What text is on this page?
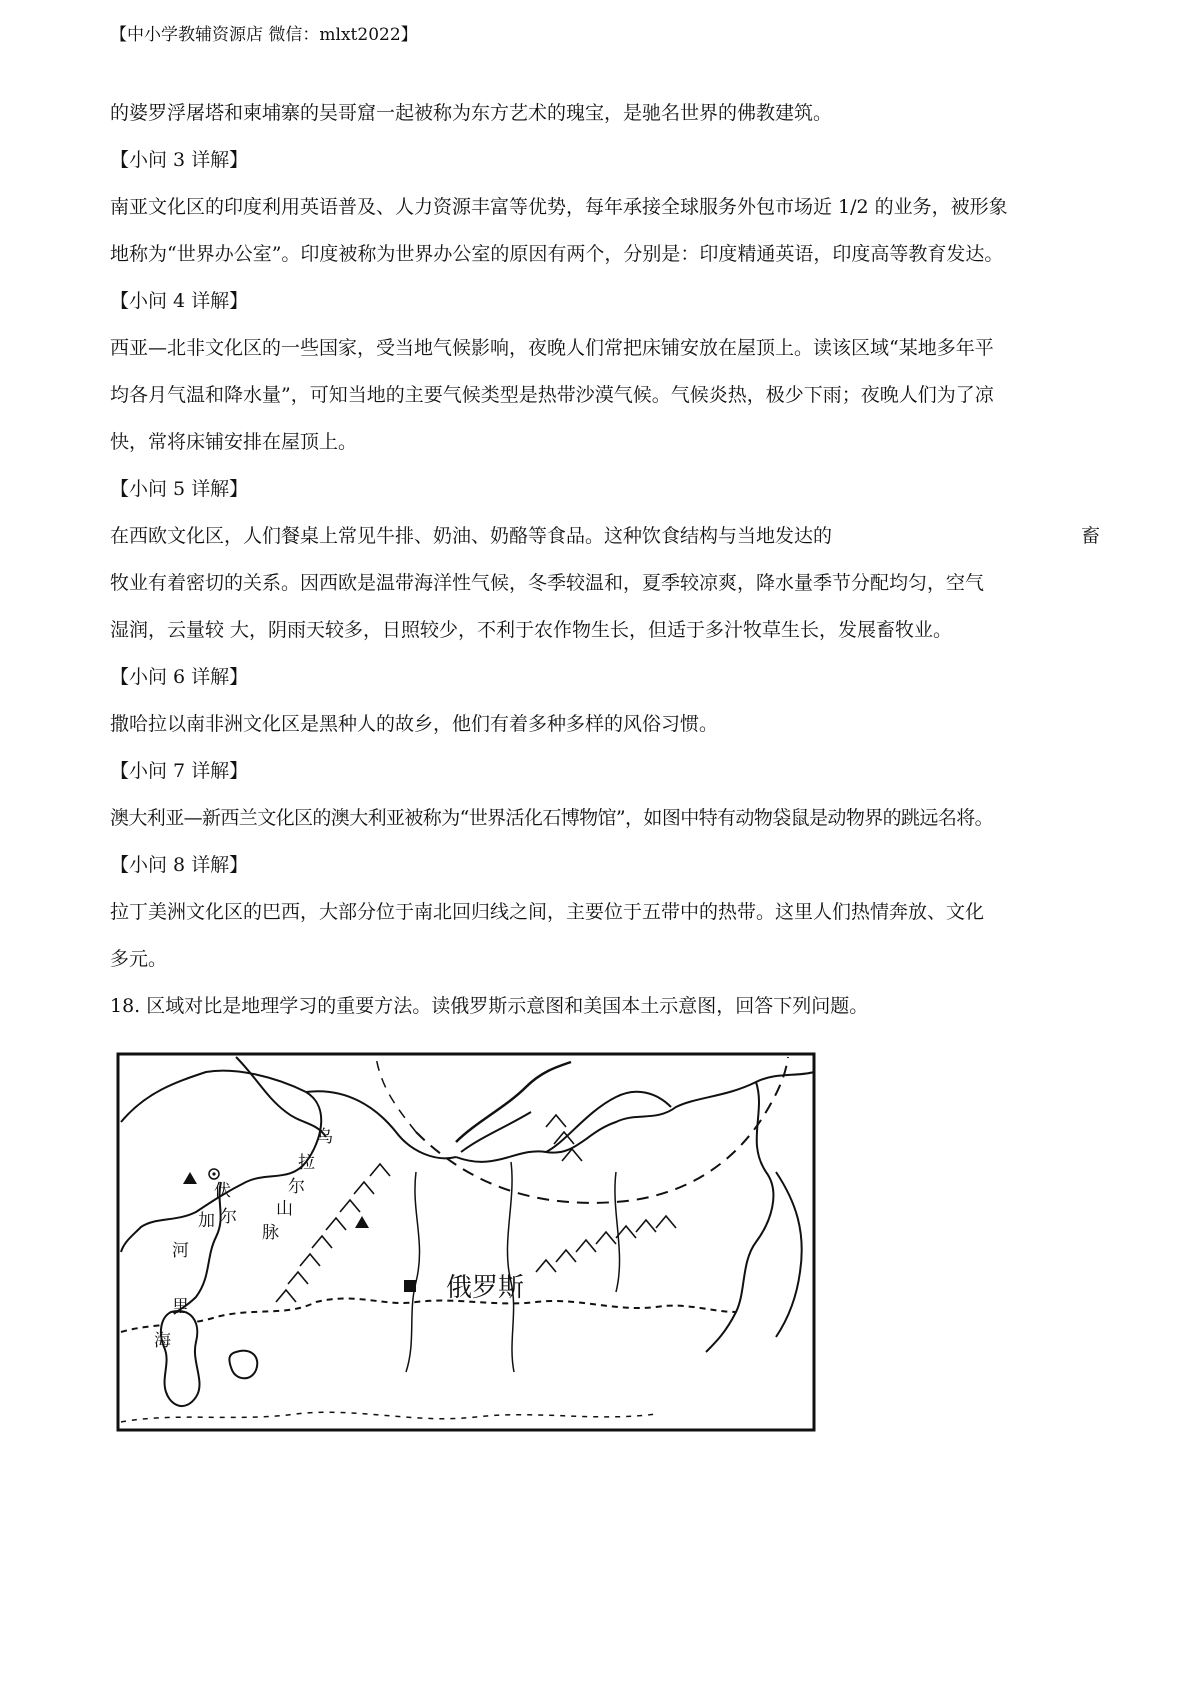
【中小学教辅资源店 微信：mlxt2022】
的婆罗浮屠塔和柬埔寨的吴哥窟一起被称为东方艺术的瑰宝，是驰名世界的佛教建筑。
【小问 3 详解】
南亚文化区的印度利用英语普及、人力资源丰富等优势，每年承接全球服务外包市场近 1/2 的业务，被形象
地称为“世界办公室”。印度被称为世界办公室的原因有两个，分别是：印度精通英语，印度高等教育发达。
【小问 4 详解】
西亚—北非文化区的一些国家，受当地气候影响，夜晚人们常把床铺安放在屋顶上。读该区域“某地多年平
均各月气温和降水量”，可知当地的主要气候类型是热带沙漠气候。气候炎热，极少下雨；夜晚人们为了凉
快，常将床铺安排在屋顶上。
【小问 5 详解】
在西欧文化区，人们餐桌上常见牛排、奶油、奶酪等食品。这种饮食结构与当地发达的	畜
牧业有着密切的关系。因西欧是温带海洋性气候，冬季较温和，夏季较凉爽，降水量季节分配均匀，空气
湿润，云量较 大，阴雨天较多，日照较少，不利于农作物生长，但适于多汁牧草生长，发展畜牧业。
【小问 6 详解】
撒哈拉以南非洲文化区是黑种人的故乡，他们有着多种多样的风俗习惯。
【小问 7 详解】
澳大利亚—新西兰文化区的澳大利亚被称为“世界活化石博物馆”，如图中特有动物袋鼠是动物界的跳远名将。
【小问 8 详解】
拉丁美洲文化区的巴西，大部分位于南北回归线之间，主要位于五带中的热带。这里人们热情奔放、文化
多元。
18. 区域对比是地理学习的重要方法。读俄罗斯示意图和美国本土示意图，回答下列问题。
俄罗斯
乌
拉
尔
山
脉
伏
尔
加
河
里
海
